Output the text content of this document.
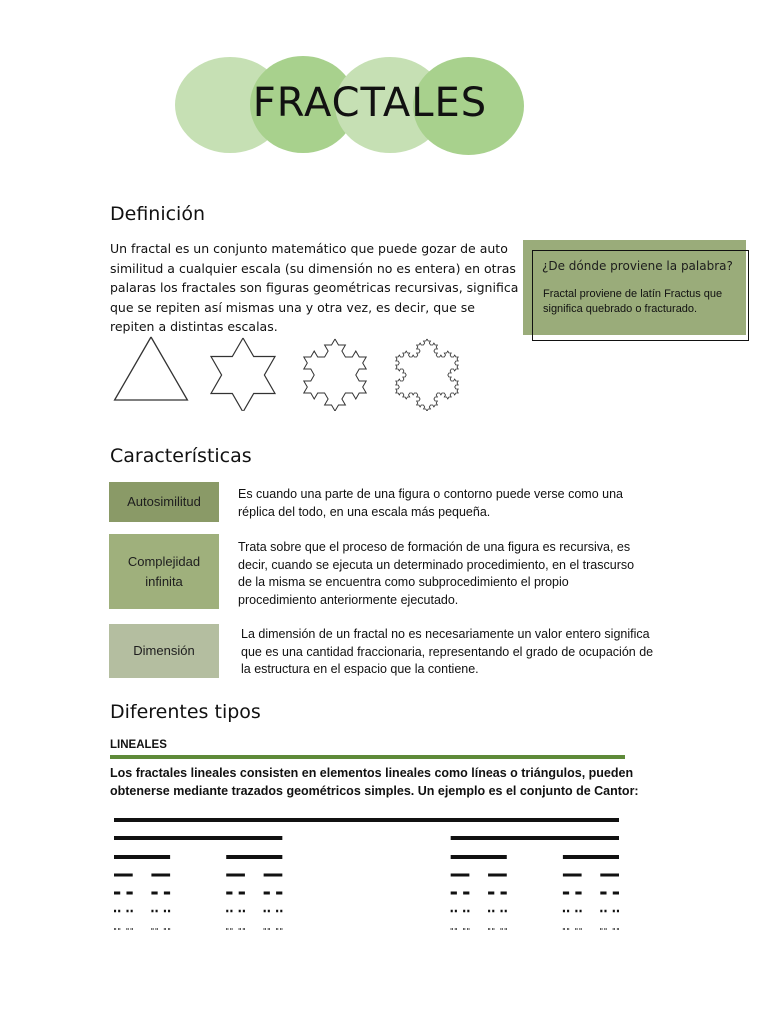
FRACTALES
Definición
Un fractal es un conjunto matemático que puede gozar de auto
similitud a cualquier escala (su dimensión no es entera) en otras
palaras los fractales son figuras geométricas recursivas, significa
que se repiten así mismas una y otra vez, es decir, que se
repiten a distintas escalas.
¿De dónde proviene la palabra?
Fractal proviene de latín Fractus que
significa quebrado o fracturado.
Características
Autosimilitud	Es cuando una parte de una figura o contorno puede verse como una
réplica del todo, en una escala más pequeña.
Complejidad
infinita
Trata sobre que el proceso de formación de una figura es recursiva, es
decir, cuando se ejecuta un determinado procedimiento, en el trascurso
de la misma se encuentra como subprocedimiento el propio
procedimiento anteriormente ejecutado.
Dimensión
La dimensión de un fractal no es necesariamente un valor entero significa
que es una cantidad fraccionaria, representando el grado de ocupación de
la estructura en el espacio que la contiene.
Diferentes tipos
LINEALES
Los fractales lineales consisten en elementos lineales como líneas o triángulos, pueden
obtenerse mediante trazados geométricos simples. Un ejemplo es el conjunto de Cantor:
